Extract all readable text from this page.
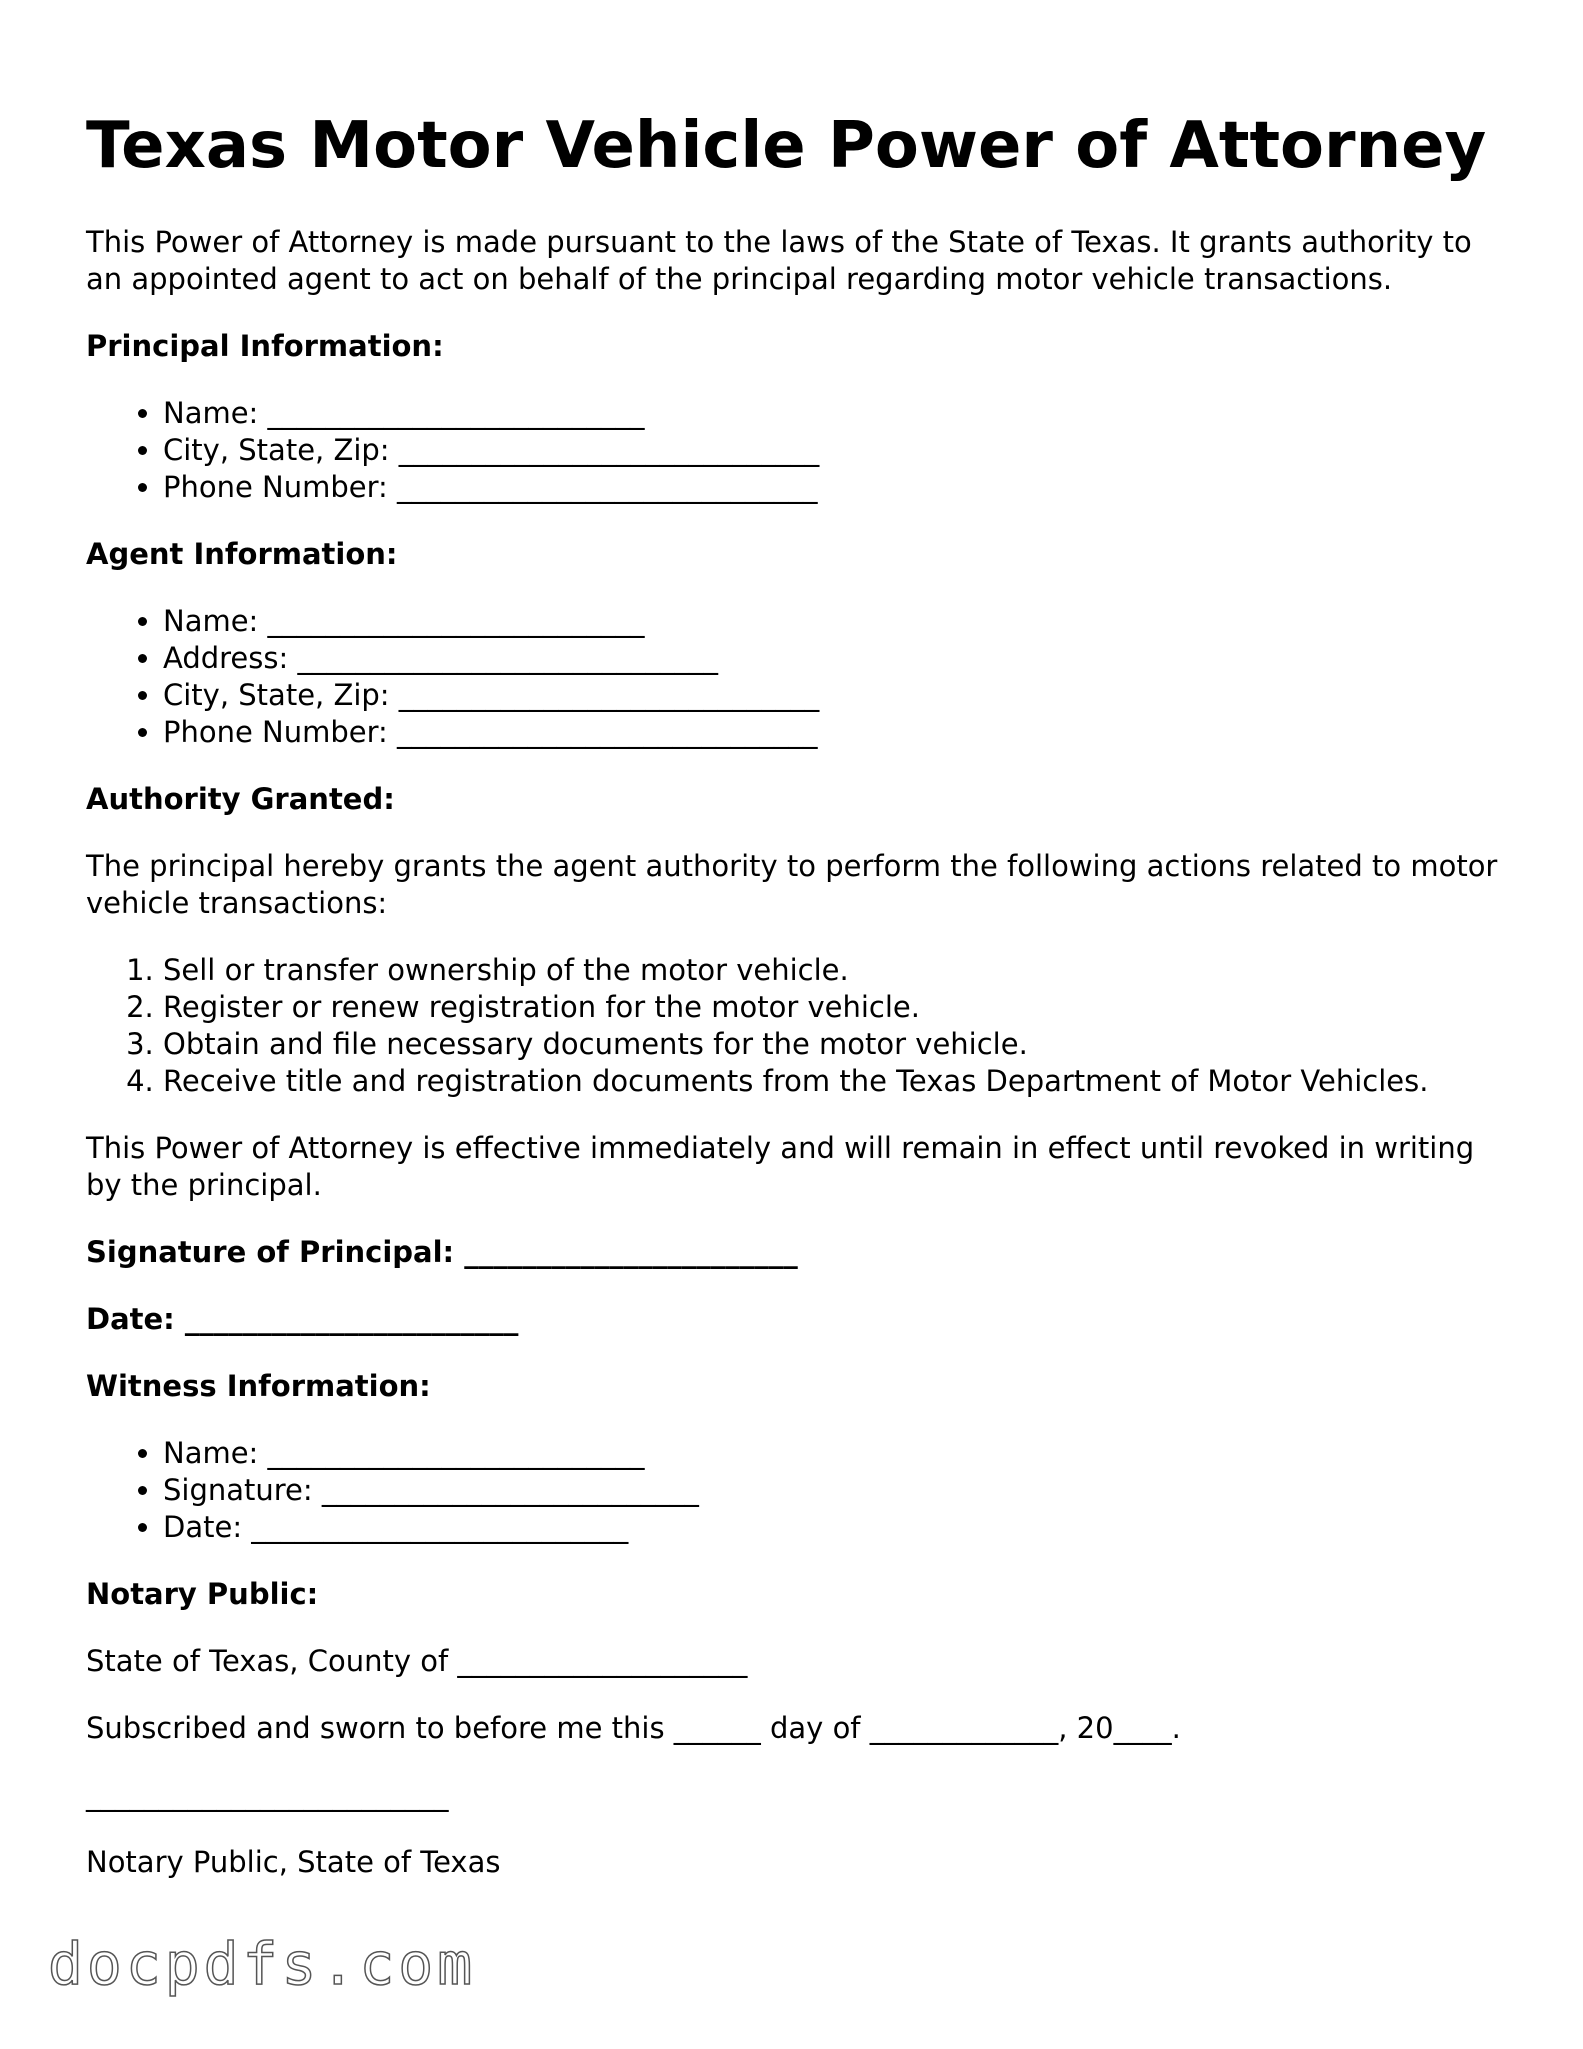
Texas Motor Vehicle Power of Attorney

This Power of Attorney is made pursuant to the laws of the State of Texas. It grants authority to an appointed agent to act on behalf of the principal regarding motor vehicle transactions.

Principal Information:

• Name: __________________________
• City, State, Zip: _____________________________
• Phone Number: _____________________________

Agent Information:

• Name: __________________________
• Address: _____________________________
• City, State, Zip: _____________________________
• Phone Number: _____________________________

Authority Granted:

The principal hereby grants the agent authority to perform the following actions related to motor vehicle transactions:

1. Sell or transfer ownership of the motor vehicle.
2. Register or renew registration for the motor vehicle.
3. Obtain and file necessary documents for the motor vehicle.
4. Receive title and registration documents from the Texas Department of Motor Vehicles.

This Power of Attorney is effective immediately and will remain in effect until revoked in writing by the principal.

Signature of Principal: _______________________

Date: _______________________

Witness Information:

• Name: __________________________
• Signature: __________________________
• Date: __________________________

Notary Public:

State of Texas, County of ____________________

Subscribed and sworn to before me this ______ day of _____________, 20____.

_________________________

Notary Public, State of Texas

docpdfs.com
